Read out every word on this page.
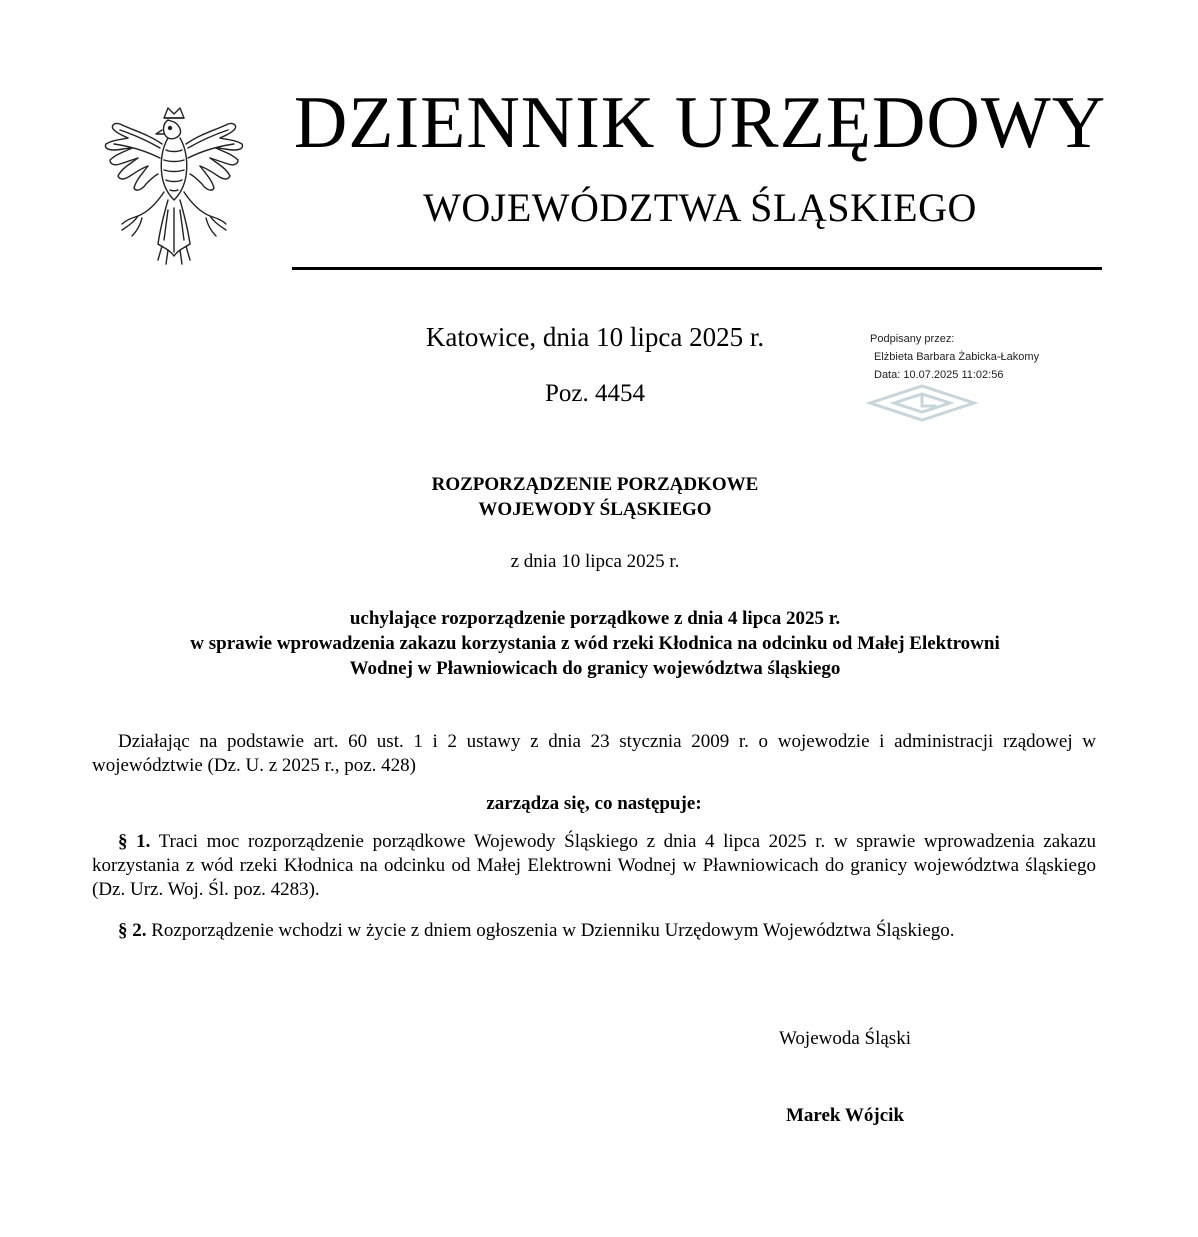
DZIENNIK URZĘDOWY
WOJEWÓDZTWA ŚLĄSKIEGO
Katowice, dnia 10 lipca 2025 r.
Poz. 4454
Podpisany przez:
Elżbieta Barbara Żabicka-Łakomy
Data: 10.07.2025 11:02:56
ROZPORZĄDZENIE PORZĄDKOWE
WOJEWODY ŚLĄSKIEGO
z dnia 10 lipca 2025 r.
uchylające rozporządzenie porządkowe z dnia 4 lipca 2025 r.
w sprawie wprowadzenia zakazu korzystania z wód rzeki Kłodnica na odcinku od Małej Elektrowni
Wodnej w Pławniowicach do granicy województwa śląskiego

Działając na podstawie art. 60 ust. 1 i 2 ustawy z dnia 23 stycznia 2009 r. o wojewodzie i administracji rządowej w województwie (Dz. U. z 2025 r., poz. 428)

zarządza się, co następuje:

§ 1. Traci moc rozporządzenie porządkowe Wojewody Śląskiego z dnia 4 lipca 2025 r. w sprawie wprowadzenia zakazu korzystania z wód rzeki Kłodnica na odcinku od Małej Elektrowni Wodnej w Pławniowicach do granicy województwa śląskiego (Dz. Urz. Woj. Śl. poz. 4283).

§ 2. Rozporządzenie wchodzi w życie z dniem ogłoszenia w Dzienniku Urzędowym Województwa Śląskiego.

Wojewoda Śląski
Marek Wójcik
